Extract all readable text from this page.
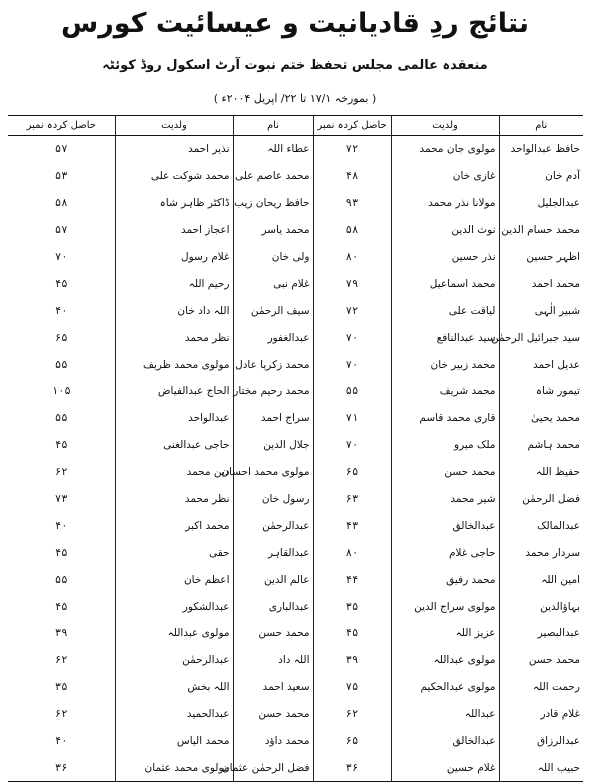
نتائج ردِ قادیانیت و عیسائیت کورس
منعقدہ عالمی مجلس تحفظ ختم نبوت آرٹ اسکول روڈ کوئٹہ
( بمورخہ ۱۷/۱ تا ۲۲/ اپریل ۲۰۰۴ء )
نام	ولدیت	حاصل کردہ نمبر	نام	ولدیت	حاصل کردہ نمبر
حافظ عبدالواحد	مولوی جان محمد	۷۲	عطاء اللہ	نذیر احمد	۵۷
آدم خان	غازی خان	۴۸	محمد عاصم علی	محمد شوکت علی	۵۳
عبدالجلیل	مولانا نذر محمد	۹۳	حافظ ریحان زیب	ڈاکٹر ظاہر شاہ	۵۸
محمد حسام الدین	نوث الدین	۵۸	محمد یاسر	اعجاز احمد	۵۷
اظہر حسین	نذر حسین	۸۰	ولی خان	غلام رسول	۷۰
محمد احمد	محمد اسماعیل	۷۹	غلام نبی	رحیم اللہ	۴۵
شبیر الٰہی	لیاقت علی	۷۲	سیف الرحمٰن	اللہ داد خان	۴۰
سید جبرائیل الرحمٰن	سید عبدالنافع	۷۰	عبدالغفور	نظر محمد	۶۵
عدیل احمد	محمد زبیر خان	۷۰	محمد زکریا عادل	مولوی محمد ظریف	۵۵
تیمور شاہ	محمد شریف	۵۵	محمد رحیم مختار	الحاج عبدالفیاض	۱۰۵
محمد یحییٰ	قاری محمد قاسم	۷۱	سراج احمد	عبدالواحد	۵۵
محمد ہاشم	ملک میرو	۷۰	جلال الدین	حاجی عبدالغنی	۴۵
حفیظ اللہ	محمد حسن	۶۵	مولوی محمد احسان	دین محمد	۶۲
فضل الرحمٰن	شیر محمد	۶۳	رسول خان	نظر محمد	۷۳
عبدالمالک	عبدالخالق	۴۳	عبدالرحمٰن	محمد اکبر	۴۰
سردار محمد	حاجی غلام	۸۰	عبدالقاہر	حقی	۴۵
امین اللہ	محمد رفیق	۴۴	عالم الدین	اعظم خان	۵۵
بہاؤالدین	مولوی سراج الدین	۳۵	عبدالباری	عبدالشکور	۴۵
عبدالبصیر	عزیز اللہ	۴۵	محمد حسن	مولوی عبداللہ	۳۹
محمد حسن	مولوی عبداللہ	۳۹	اللہ داد	عبدالرحمٰن	۶۲
رحمت اللہ	مولوی عبدالحکیم	۷۵	سعید احمد	اللہ بخش	۳۵
غلام قادر	عبداللہ	۶۲	محمد حسن	عبدالحمید	۶۲
عبدالرزاق	عبدالخالق	۶۵	محمد داؤد	محمد الیاس	۴۰
حبیب اللہ	غلام حسین	۳۶	فضل الرحمٰن عثمان	مولوی محمد عثمان	۳۶
